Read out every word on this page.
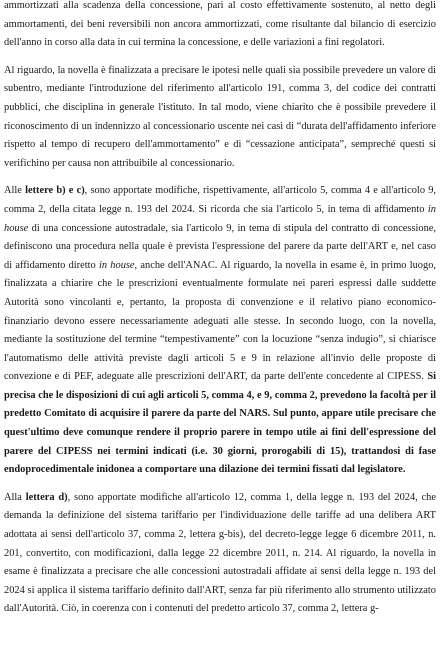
ammortizzati alla scadenza della concessione, pari al costo effettivamente sostenuto, al netto degli ammortamenti, dei beni reversibili non ancora ammortizzati, come risultante dal bilancio di esercizio dell'anno in corso alla data in cui termina la concessione, e delle variazioni a fini regolatori.

Al riguardo, la novella è finalizzata a precisare le ipotesi nelle quali sia possibile prevedere un valore di subentro, mediante l'introduzione del riferimento all'articolo 191, comma 3, del codice dei contratti pubblici, che disciplina in generale l'istituto. In tal modo, viene chiarito che è possibile prevedere il riconoscimento di un indennizzo al concessionario uscente nei casi di “durata dell'affidamento inferiore rispetto al tempo di recupero dell'ammortamento” e di “cessazione anticipata”, sempreché questi si verifichino per causa non attribuibile al concessionario.

Alle lettere b) e c), sono apportate modifiche, rispettivamente, all'articolo 5, comma 4 e all'articolo 9, comma 2, della citata legge n. 193 del 2024. Si ricorda che sia l'articolo 5, in tema di affidamento in house di una concessione autostradale, sia l'articolo 9, in tema di stipula del contratto di concessione, definiscono una procedura nella quale è prevista l'espressione del parere da parte dell'ART e, nel caso di affidamento diretto in house, anche dell'ANAC. Al riguardo, la novella in esame è, in primo luogo, finalizzata a chiarire che le prescrizioni eventualmente formulate nei pareri espressi dalle suddette Autorità sono vincolanti e, pertanto, la proposta di convenzione e il relativo piano economico-finanziario devono essere necessariamente adeguati alle stesse. In secondo luogo, con la novella, mediante la sostituzione del termine “tempestivamente” con la locuzione “senza indugio”, si chiarisce l'automatismo delle attività previste dagli articoli 5 e 9 in relazione all'invio delle proposte di convezione e di PEF, adeguate alle prescrizioni dell'ART, da parte dell'ente concedente al CIPESS. Si precisa che le disposizioni di cui agli articoli 5, comma 4, e 9, comma 2, prevedono la facoltà per il predetto Comitato di acquisire il parere da parte del NARS. Sul punto, appare utile precisare che quest'ultimo deve comunque rendere il proprio parere in tempo utile ai fini dell'espressione del parere del CIPESS nei termini indicati (i.e. 30 giorni, prorogabili di 15), trattandosi di fase endoprocedimentale inidonea a comportare una dilazione dei termini fissati dal legislatore.

Alla lettera d), sono apportate modifiche all'articolo 12, comma 1, della legge n. 193 del 2024, che demanda la definizione del sistema tariffario per l'individuazione delle tariffe ad una delibera ART adottata ai sensi dell'articolo 37, comma 2, lettera g-bis), del decreto-legge legge 6 dicembre 2011, n. 201, convertito, con modificazioni, dalla legge 22 dicembre 2011, n. 214. Al riguardo, la novella in esame è finalizzata a precisare che alle concessioni autostradali affidate ai sensi della legge n. 193 del 2024 si applica il sistema tariffario definito dall'ART, senza far più riferimento allo strumento utilizzato dall'Autorità. Ciò, in coerenza con i contenuti del predetto articolo 37, comma 2, lettera g-
